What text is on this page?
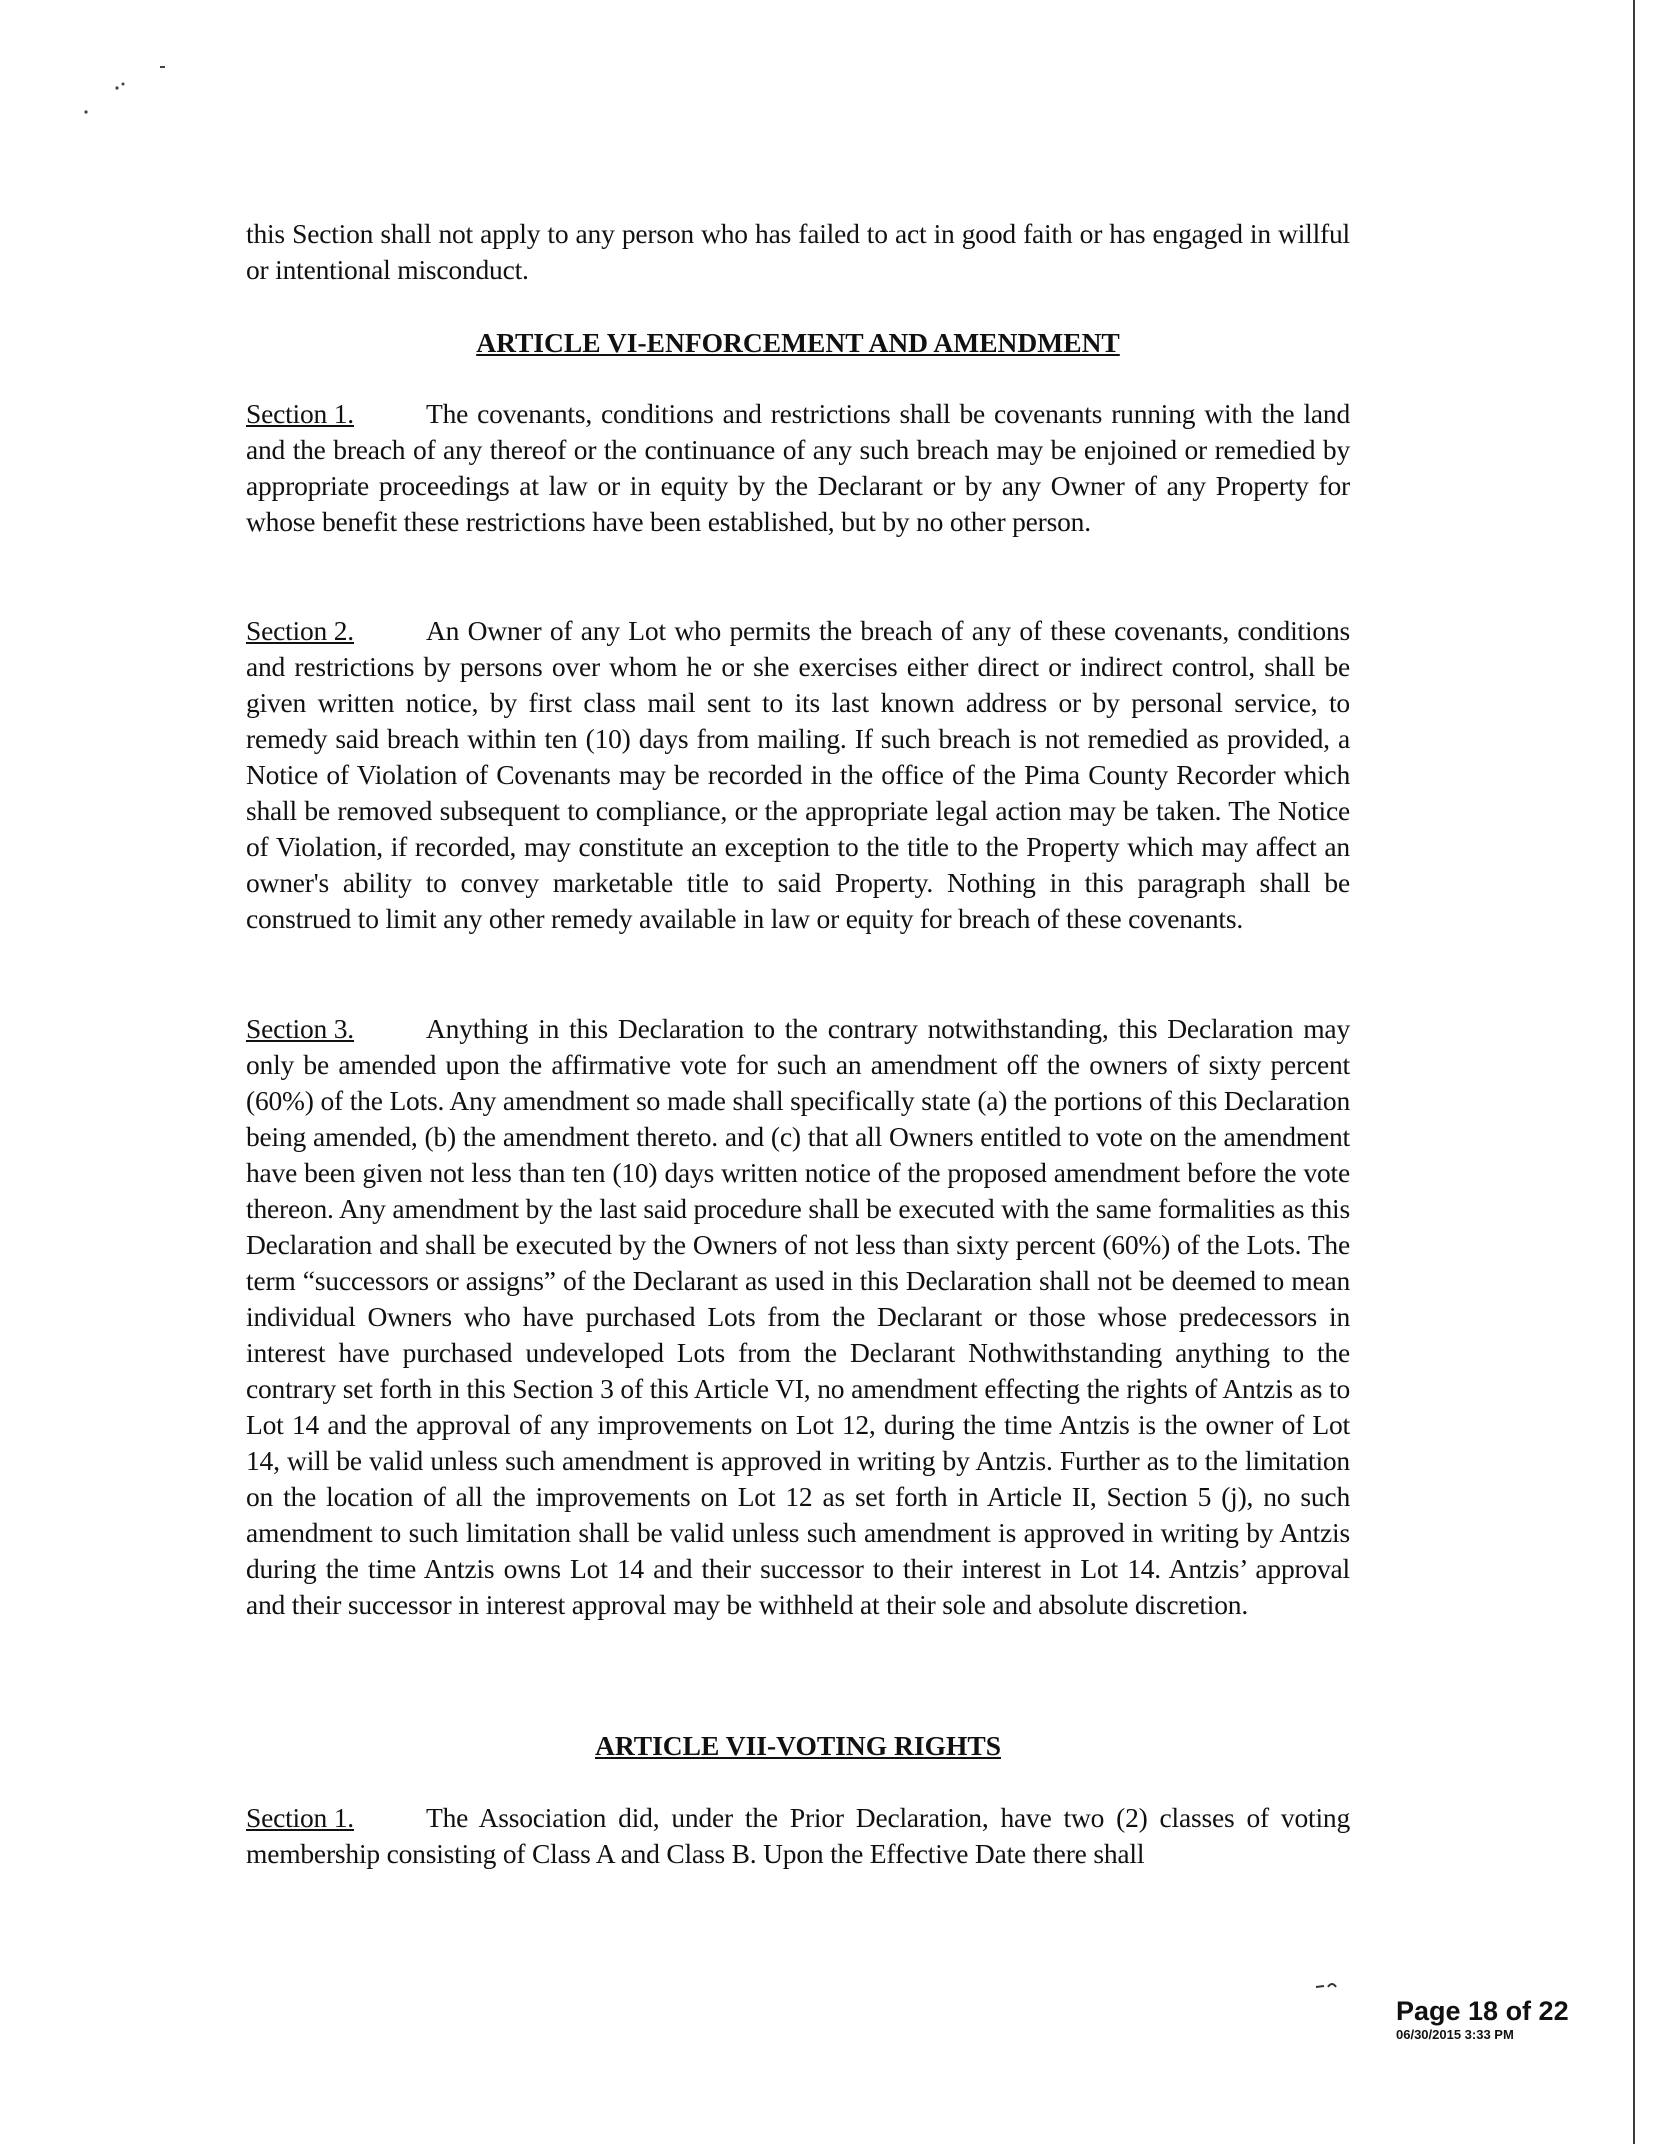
this Section shall not apply to any person who has failed to act in good faith or has engaged in willful or intentional misconduct.

ARTICLE VI-ENFORCEMENT AND AMENDMENT

Section 1.	The covenants, conditions and restrictions shall be covenants running with the land and the breach of any thereof or the continuance of any such breach may be enjoined or remedied by appropriate proceedings at law or in equity by the Declarant or by any Owner of any Property for whose benefit these restrictions have been established, but by no other person.

Section 2.	An Owner of any Lot who permits the breach of any of these covenants, conditions and restrictions by persons over whom he or she exercises either direct or indirect control, shall be given written notice, by first class mail sent to its last known address or by personal service, to remedy said breach within ten (10) days from mailing. If such breach is not remedied as provided, a Notice of Violation of Covenants may be recorded in the office of the Pima County Recorder which shall be removed subsequent to compliance, or the appropriate legal action may be taken. The Notice of Violation, if recorded, may constitute an exception to the title to the Property which may affect an owner's ability to convey marketable title to said Property. Nothing in this paragraph shall be construed to limit any other remedy available in law or equity for breach of these covenants.

Section 3.	Anything in this Declaration to the contrary notwithstanding, this Declaration may only be amended upon the affirmative vote for such an amendment off the owners of sixty percent (60%) of the Lots. Any amendment so made shall specifically state (a) the portions of this Declaration being amended, (b) the amendment thereto. and (c) that all Owners entitled to vote on the amendment have been given not less than ten (10) days written notice of the proposed amendment before the vote thereon. Any amendment by the last said procedure shall be executed with the same formalities as this Declaration and shall be executed by the Owners of not less than sixty percent (60%) of the Lots. The term “successors or assigns” of the Declarant as used in this Declaration shall not be deemed to mean individual Owners who have purchased Lots from the Declarant or those whose predecessors in interest have purchased undeveloped Lots from the Declarant Nothwithstanding anything to the contrary set forth in this Section 3 of this Article VI, no amendment effecting the rights of Antzis as to Lot 14 and the approval of any improvements on Lot 12, during the time Antzis is the owner of Lot 14, will be valid unless such amendment is approved in writing by Antzis. Further as to the limitation on the location of all the improvements on Lot 12 as set forth in Article II, Section 5 (j), no such amendment to such limitation shall be valid unless such amendment is approved in writing by Antzis during the time Antzis owns Lot 14 and their successor to their interest in Lot 14. Antzis’ approval and their successor in interest approval may be withheld at their sole and absolute discretion.

ARTICLE VII-VOTING RIGHTS

Section 1.	The Association did, under the Prior Declaration, have two (2) classes of voting membership consisting of Class A and Class B. Upon the Effective Date there shall

Page 18 of 22
06/30/2015 3:33 PM
